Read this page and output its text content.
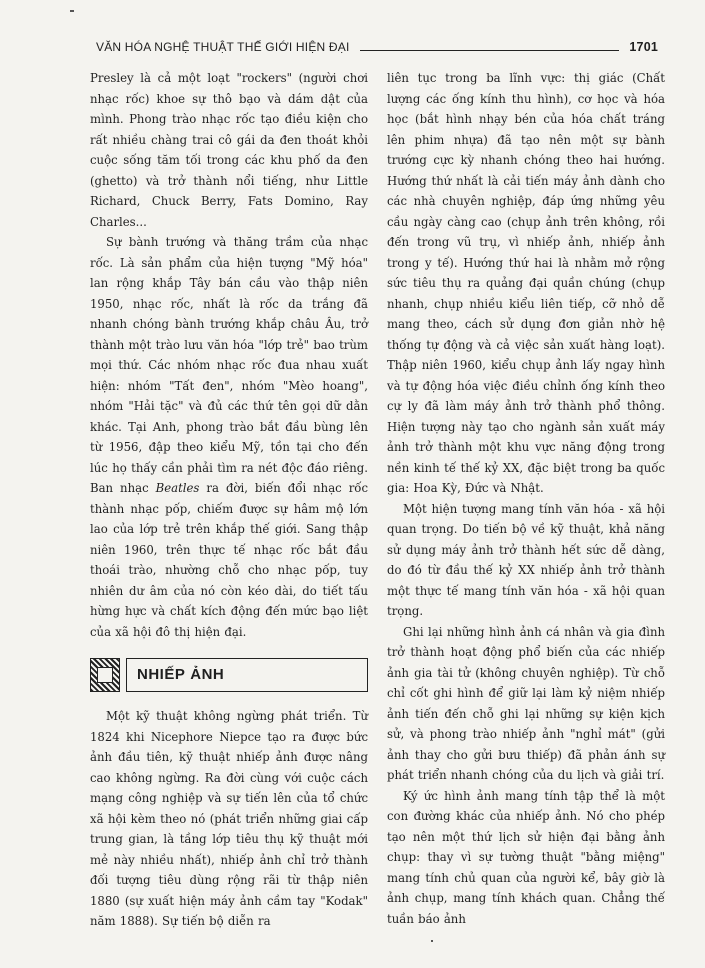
VĂN HÓA NGHỆ THUẬT THẾ GIỚI HIỆN ĐẠI	1701

Presley là cả một loạt "rockers" (người chơi nhạc rốc) khoe sự thô bạo và dám dật của mình. Phong trào nhạc rốc tạo điều kiện cho rất nhiều chàng trai cô gái da đen thoát khỏi cuộc sống tăm tối trong các khu phố da đen (ghetto) và trở thành nổi tiếng, như Little Richard, Chuck Berry, Fats Domino, Ray Charles...

Sự bành trướng và thăng trầm của nhạc rốc. Là sản phẩm của hiện tượng "Mỹ hóa" lan rộng khắp Tây bán cầu vào thập niên 1950, nhạc rốc, nhất là rốc da trắng đã nhanh chóng bành trướng khắp châu Âu, trở thành một trào lưu văn hóa "lớp trẻ" bao trùm mọi thứ. Các nhóm nhạc rốc đua nhau xuất hiện: nhóm "Tất đen", nhóm "Mèo hoang", nhóm "Hải tặc" và đủ các thứ tên gọi dữ dằn khác. Tại Anh, phong trào bắt đầu bùng lên từ 1956, đập theo kiểu Mỹ, tồn tại cho đến lúc họ thấy cần phải tìm ra nét độc đáo riêng. Ban nhạc Beatles ra đời, biến đổi nhạc rốc thành nhạc pốp, chiếm được sự hâm mộ lớn lao của lớp trẻ trên khắp thế giới. Sang thập niên 1960, trên thực tế nhạc rốc bắt đầu thoái trào, nhường chỗ cho nhạc pốp, tuy nhiên dư âm của nó còn kéo dài, do tiết tấu hừng hực và chất kích động đến mức bạo liệt của xã hội đô thị hiện đại.

NHIẾP ẢNH

Một kỹ thuật không ngừng phát triển. Từ 1824 khi Nicephore Niepce tạo ra được bức ảnh đầu tiên, kỹ thuật nhiếp ảnh được nâng cao không ngừng. Ra đời cùng với cuộc cách mạng công nghiệp và sự tiến lên của tổ chức xã hội kèm theo nó (phát triển những giai cấp trung gian, là tầng lớp tiêu thụ kỹ thuật mới mẻ này nhiều nhất), nhiếp ảnh chỉ trở thành đối tượng tiêu dùng rộng rãi từ thập niên 1880 (sự xuất hiện máy ảnh cầm tay "Kodak" năm 1888). Sự tiến bộ diễn ra

liên tục trong ba lĩnh vực: thị giác (Chất lượng các ống kính thu hình), cơ học và hóa học (bắt hình nhạy bén của hóa chất tráng lên phim nhựa) đã tạo nên một sự bành trướng cực kỳ nhanh chóng theo hai hướng. Hướng thứ nhất là cải tiến máy ảnh dành cho các nhà chuyên nghiệp, đáp ứng những yêu cầu ngày càng cao (chụp ảnh trên không, rồi đến trong vũ trụ, vì nhiếp ảnh, nhiếp ảnh trong y tế). Hướng thứ hai là nhằm mở rộng sức tiêu thụ ra quảng đại quần chúng (chụp nhanh, chụp nhiều kiểu liên tiếp, cỡ nhỏ dễ mang theo, cách sử dụng đơn giản nhờ hệ thống tự động và cả việc sản xuất hàng loạt). Thập niên 1960, kiểu chụp ảnh lấy ngay hình và tự động hóa việc điều chỉnh ống kính theo cự ly đã làm máy ảnh trở thành phổ thông. Hiện tượng này tạo cho ngành sản xuất máy ảnh trở thành một khu vực năng động trong nền kinh tế thế kỷ XX, đặc biệt trong ba quốc gia: Hoa Kỳ, Đức và Nhật.

Một hiện tượng mang tính văn hóa - xã hội quan trọng. Do tiến bộ về kỹ thuật, khả năng sử dụng máy ảnh trở thành hết sức dễ dàng, do đó từ đầu thế kỷ XX nhiếp ảnh trở thành một thực tế mang tính văn hóa - xã hội quan trọng.

Ghi lại những hình ảnh cá nhân và gia đình trở thành hoạt động phổ biến của các nhiếp ảnh gia tài tử (không chuyên nghiệp). Từ chỗ chỉ cốt ghi hình để giữ lại làm kỷ niệm nhiếp ảnh tiến đến chỗ ghi lại những sự kiện kịch sử, và phong trào nhiếp ảnh "nghỉ mát" (gửi ảnh thay cho gửi bưu thiếp) đã phản ánh sự phát triển nhanh chóng của du lịch và giải trí.

Ký ức hình ảnh mang tính tập thể là một con đường khác của nhiếp ảnh. Nó cho phép tạo nên một thứ lịch sử hiện đại bằng ảnh chụp: thay vì sự tường thuật "bằng miệng" mang tính chủ quan của người kể, bây giờ là ảnh chụp, mang tính khách quan. Chẳng thế tuần báo ảnh
